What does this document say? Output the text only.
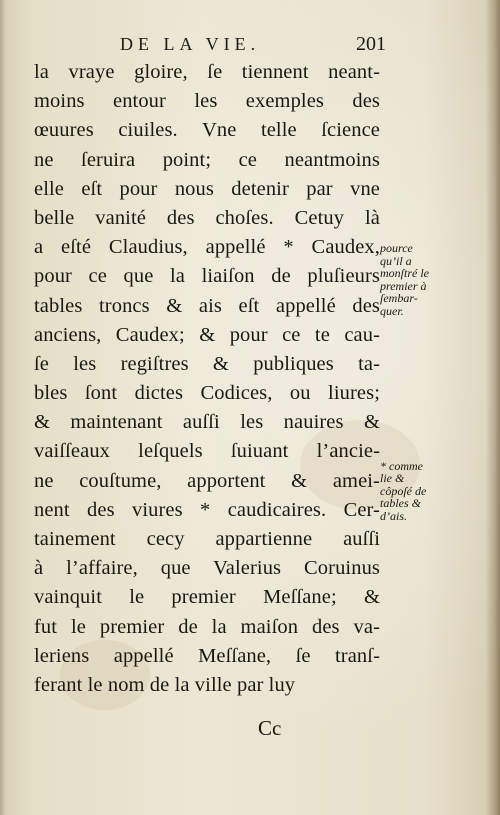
DE LA VIE.	201
la vraye gloire, ſe tiennent neant-
moins entour les exemples des
œuures ciuiles. Vne telle ſcience
ne ſeruira point; ce neantmoins
elle eſt pour nous detenir par vne
belle vanité des choſes. Cetuy là
a eſté Claudius, appellé * Caudex,
pour ce que la liaiſon de pluſieurs
tables troncs & ais eſt appellé des
anciens, Caudex; & pour ce te cau-
ſe les regiſtres & publiques ta-
bles ſont dictes Codices, ou liures;
& maintenant auſſi les nauires &
vaiſſeaux leſquels ſuiuant l’ancie-
ne couſtume, apportent & amei-
nent des viures * caudicaires. Cer-
tainement cecy appartienne auſſi
à l’affaire, que Valerius Coruinus
vainquit le premier Meſſane; &
fut le premier de la maiſon des va-
leriens appellé Meſſane, ſe tranſ-
ferant le nom de la ville par luy
pource
qu’il a
monſtré le
premier à
ſembar-
quer.
* comme
lie &
côpoſé de
tables &
d’ais.
Cc
